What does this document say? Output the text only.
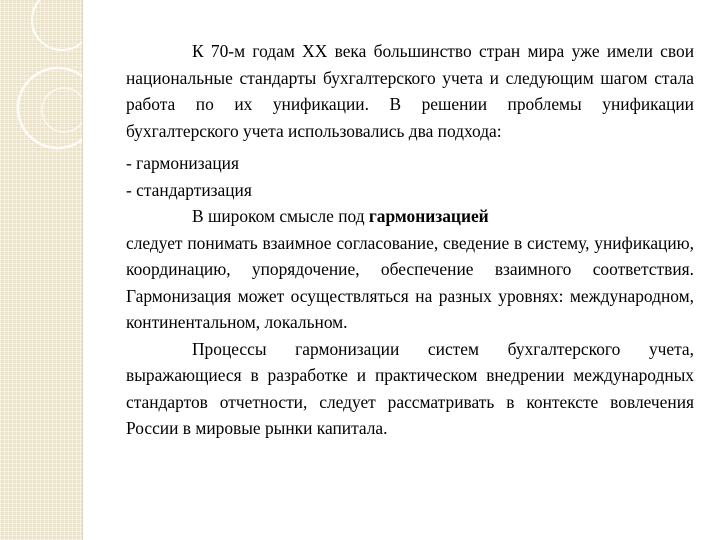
К 70-м годам XX века большинство стран мира уже имели свои национальные стандарты бухгалтерского учета и следующим шагом стала работа по их унификации. В решении проблемы унификации бухгалтерского учета использовались два подхода:

- гармонизация
- стандартизация

В широком смысле под гармонизацией
следует понимать взаимное согласование, сведение в систему, унификацию, координацию, упорядочение, обеспечение взаимного соответствия. Гармонизация может осуществляться на разных уровнях: международном, континентальном, локальном.

Процессы гармонизации систем бухгалтерского учета, выражающиеся в разработке и практическом внедрении международных стандартов отчетности, следует рассматривать в контексте вовлечения России в мировые рынки капитала.
